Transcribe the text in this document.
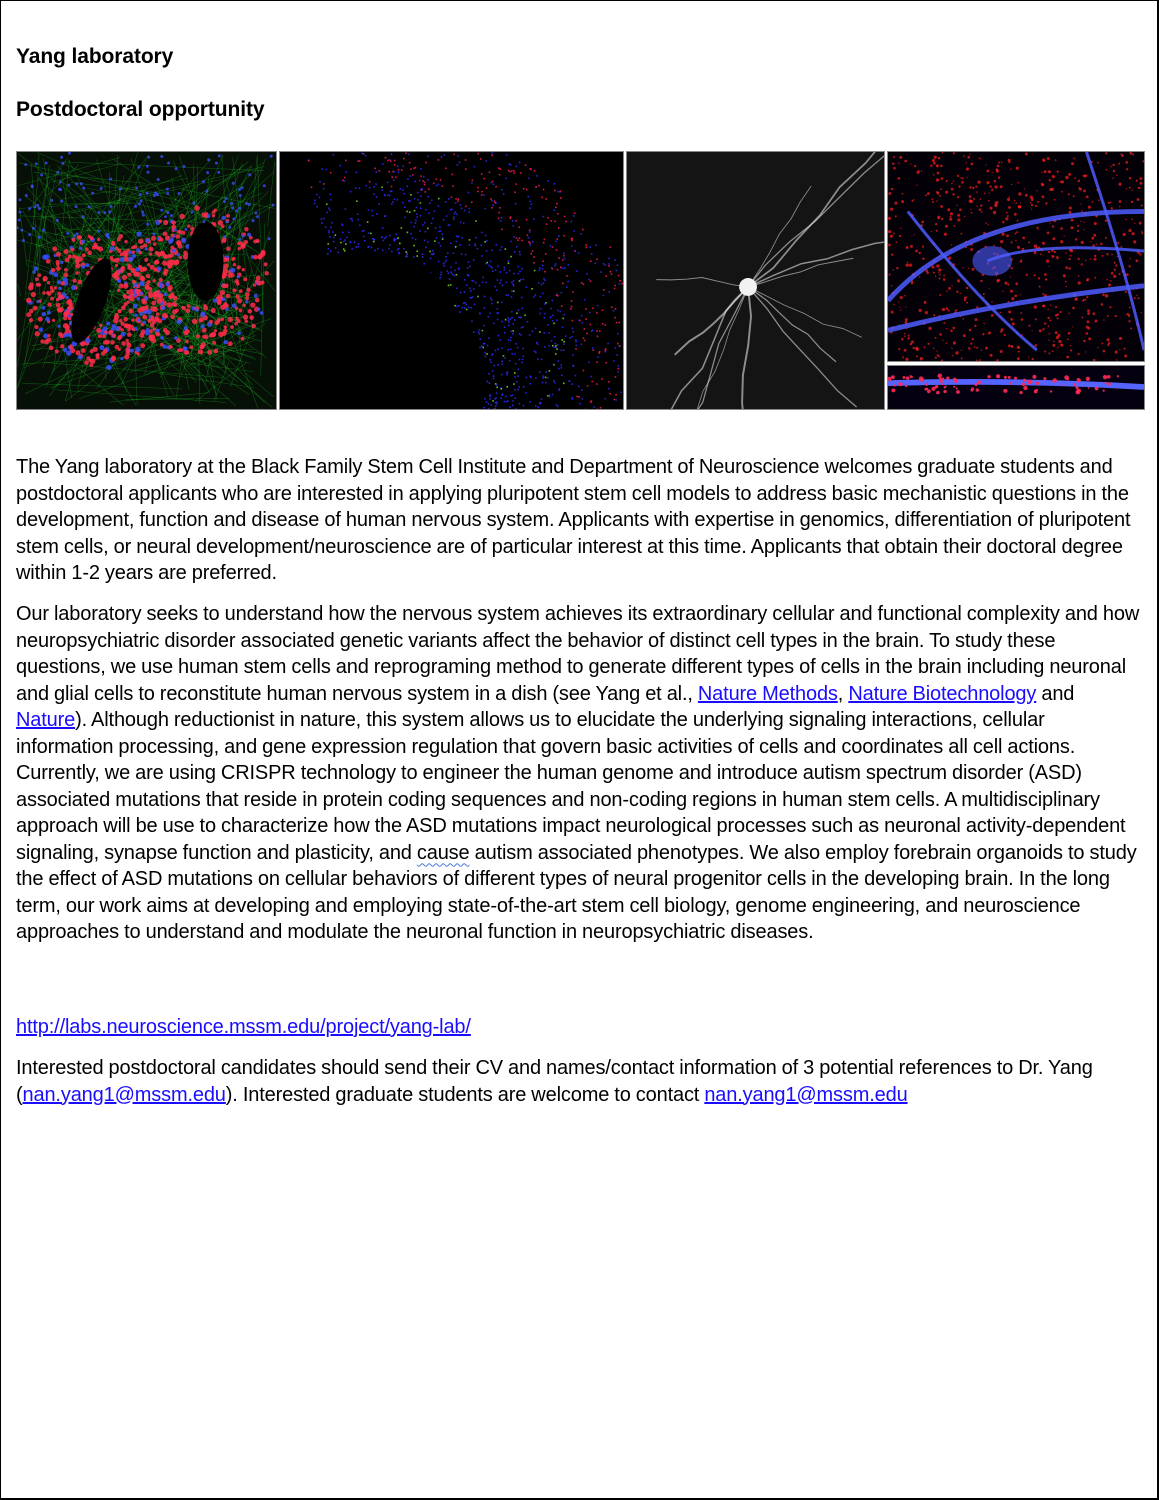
Yang laboratory
Postdoctoral opportunity

The Yang laboratory at the Black Family Stem Cell Institute and Department of Neuroscience welcomes graduate students and postdoctoral applicants who are interested in applying pluripotent stem cell models to address basic mechanistic questions in the development, function and disease of human nervous system. Applicants with expertise in genomics, differentiation of pluripotent stem cells, or neural development/neuroscience are of particular interest at this time. Applicants that obtain their doctoral degree within 1-2 years are preferred.

Our laboratory seeks to understand how the nervous system achieves its extraordinary cellular and functional complexity and how neuropsychiatric disorder associated genetic variants affect the behavior of distinct cell types in the brain. To study these questions, we use human stem cells and reprograming method to generate different types of cells in the brain including neuronal and glial cells to reconstitute human nervous system in a dish (see Yang et al., Nature Methods, Nature Biotechnology and Nature). Although reductionist in nature, this system allows us to elucidate the underlying signaling interactions, cellular information processing, and gene expression regulation that govern basic activities of cells and coordinates all cell actions. Currently, we are using CRISPR technology to engineer the human genome and introduce autism spectrum disorder (ASD) associated mutations that reside in protein coding sequences and non-coding regions in human stem cells. A multidisciplinary approach will be use to characterize how the ASD mutations impact neurological processes such as neuronal activity-dependent signaling, synapse function and plasticity, and cause autism associated phenotypes. We also employ forebrain organoids to study the effect of ASD mutations on cellular behaviors of different types of neural progenitor cells in the developing brain. In the long term, our work aims at developing and employing state-of-the-art stem cell biology, genome engineering, and neuroscience approaches to understand and modulate the neuronal function in neuropsychiatric diseases.

http://labs.neuroscience.mssm.edu/project/yang-lab/

Interested postdoctoral candidates should send their CV and names/contact information of 3 potential references to Dr. Yang (nan.yang1@mssm.edu). Interested graduate students are welcome to contact nan.yang1@mssm.edu
